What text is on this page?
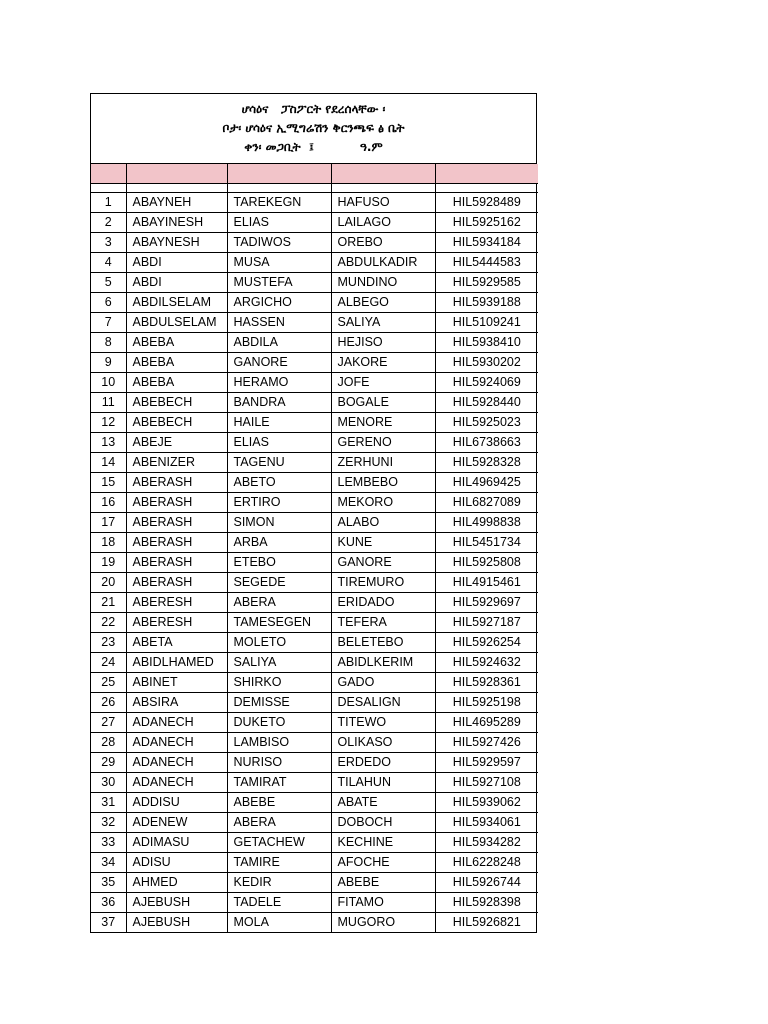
ሆሳዕና   ፓስፖርት የደረሰላቸው ፡
ቦታ፡ ሆሳዕና ኢሚግሬሽን ቅርንጫፍ ፅ ቤት
ቀን፡ መጋቢት  ፤           ዓ.ም

1	ABAYNEH	TAREKEGN	HAFUSO	HIL5928489
2	ABAYINESH	ELIAS	LAILAGO	HIL5925162
3	ABAYNESH	TADIWOS	OREBO	HIL5934184
4	ABDI	MUSA	ABDULKADIR	HIL5444583
5	ABDI	MUSTEFA	MUNDINO	HIL5929585
6	ABDILSELAM	ARGICHO	ALBEGO	HIL5939188
7	ABDULSELAM	HASSEN	SALIYA	HIL5109241
8	ABEBA	ABDILA	HEJISO	HIL5938410
9	ABEBA	GANORE	JAKORE	HIL5930202
10	ABEBA	HERAMO	JOFE	HIL5924069
11	ABEBECH	BANDRA	BOGALE	HIL5928440
12	ABEBECH	HAILE	MENORE	HIL5925023
13	ABEJE	ELIAS	GERENO	HIL6738663
14	ABENIZER	TAGENU	ZERHUNI	HIL5928328
15	ABERASH	ABETO	LEMBEBO	HIL4969425
16	ABERASH	ERTIRO	MEKORO	HIL6827089
17	ABERASH	SIMON	ALABO	HIL4998838
18	ABERASH	ARBA	KUNE	HIL5451734
19	ABERASH	ETEBO	GANORE	HIL5925808
20	ABERASH	SEGEDE	TIREMURO	HIL4915461
21	ABERESH	ABERA	ERIDADO	HIL5929697
22	ABERESH	TAMESEGEN	TEFERA	HIL5927187
23	ABETA	MOLETO	BELETEBO	HIL5926254
24	ABIDLHAMED	SALIYA	ABIDLKERIM	HIL5924632
25	ABINET	SHIRKO	GADO	HIL5928361
26	ABSIRA	DEMISSE	DESALIGN	HIL5925198
27	ADANECH	DUKETO	TITEWO	HIL4695289
28	ADANECH	LAMBISO	OLIKASO	HIL5927426
29	ADANECH	NURISO	ERDEDO	HIL5929597
30	ADANECH	TAMIRAT	TILAHUN	HIL5927108
31	ADDISU	ABEBE	ABATE	HIL5939062
32	ADENEW	ABERA	DOBOCH	HIL5934061
33	ADIMASU	GETACHEW	KECHINE	HIL5934282
34	ADISU	TAMIRE	AFOCHE	HIL6228248
35	AHMED	KEDIR	ABEBE	HIL5926744
36	AJEBUSH	TADELE	FITAMO	HIL5928398
37	AJEBUSH	MOLA	MUGORO	HIL5926821
